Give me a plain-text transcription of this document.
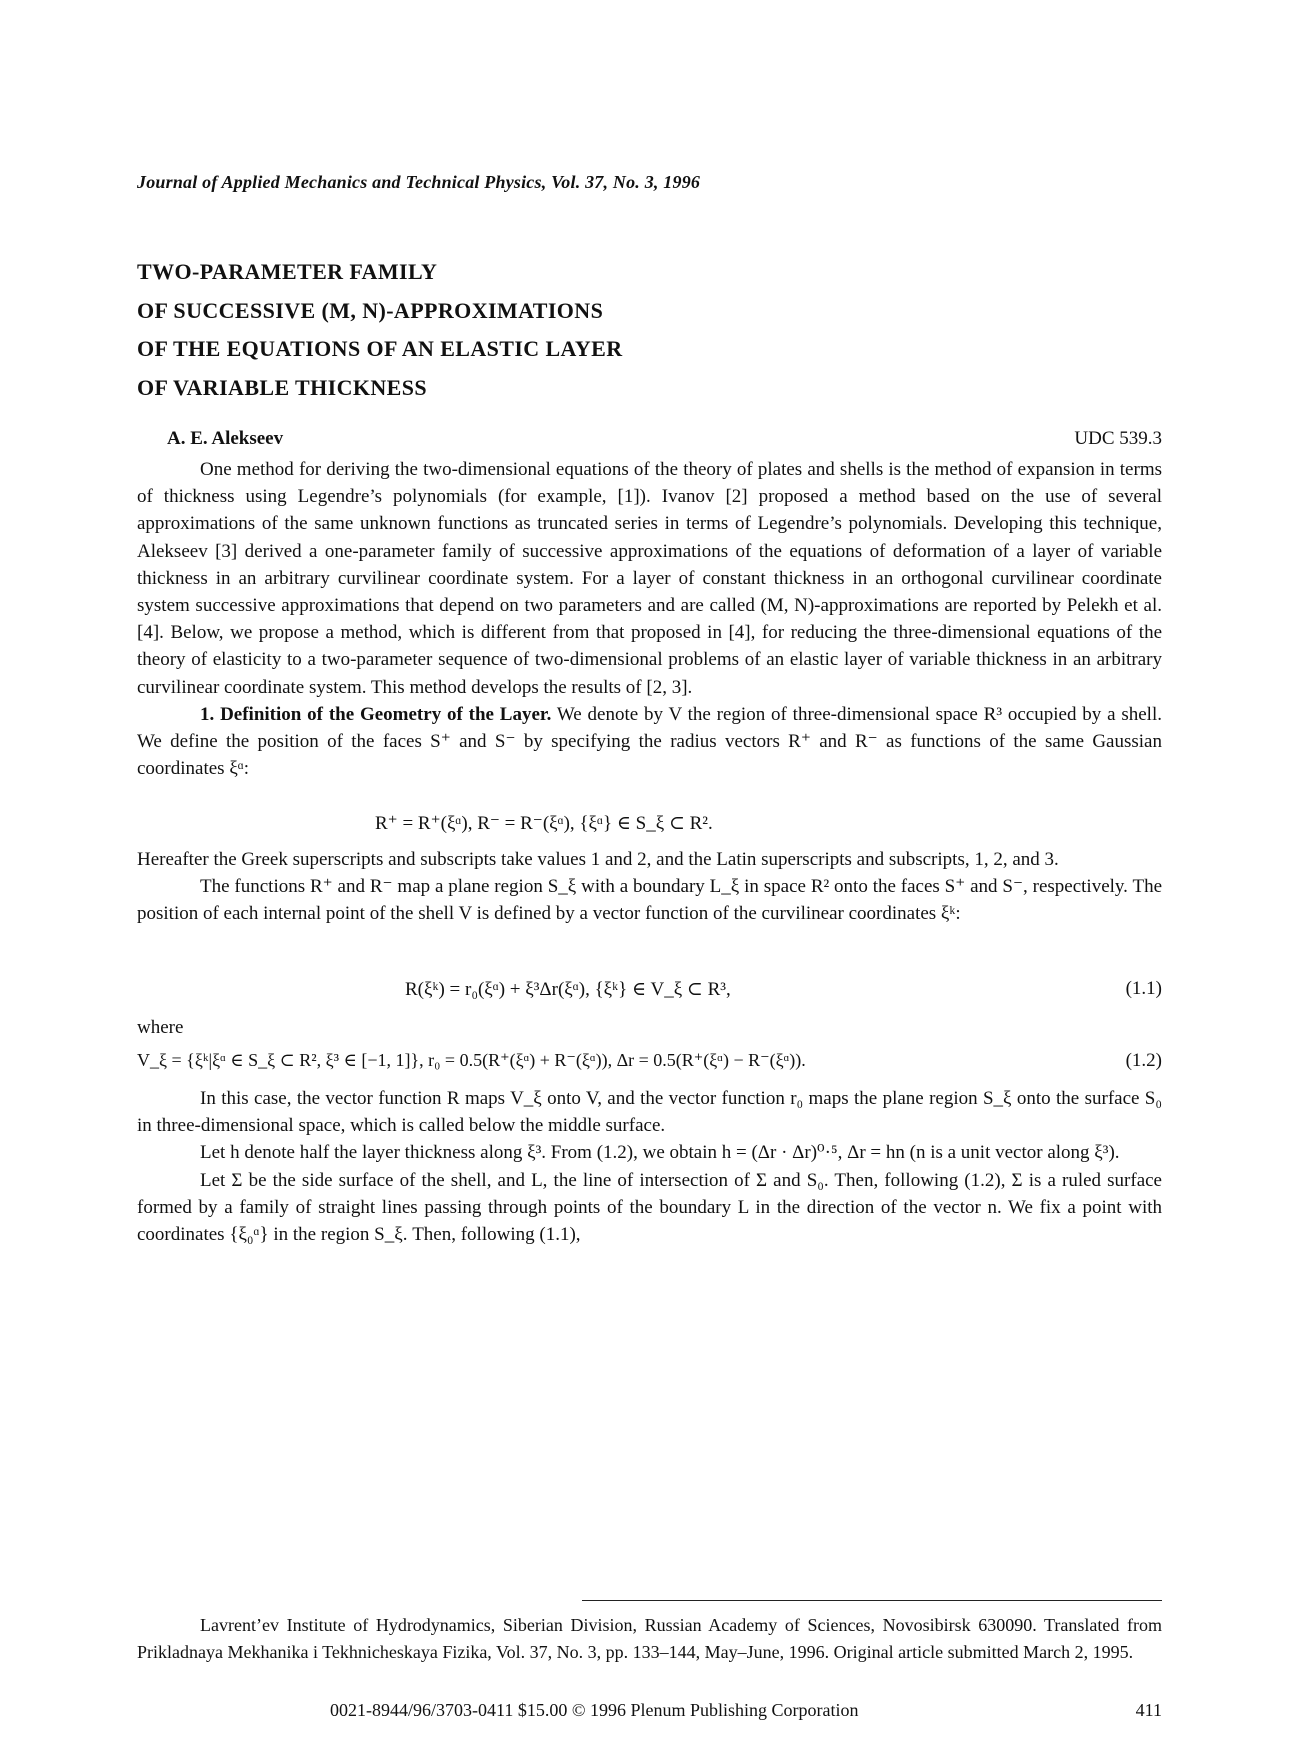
Journal of Applied Mechanics and Technical Physics, Vol. 37, No. 3, 1996
TWO-PARAMETER FAMILY
OF SUCCESSIVE (M, N)-APPROXIMATIONS
OF THE EQUATIONS OF AN ELASTIC LAYER
OF VARIABLE THICKNESS
A. E. Alekseev	UDC 539.3

One method for deriving the two-dimensional equations of the theory of plates and shells is the method of expansion in terms of thickness using Legendre’s polynomials (for example, [1]). Ivanov [2] proposed a method based on the use of several approximations of the same unknown functions as truncated series in terms of Legendre’s polynomials. Developing this technique, Alekseev [3] derived a one-parameter family of successive approximations of the equations of deformation of a layer of variable thickness in an arbitrary curvilinear coordinate system. For a layer of constant thickness in an orthogonal curvilinear coordinate system successive approximations that depend on two parameters and are called (M, N)-approximations are reported by Pelekh et al. [4]. Below, we propose a method, which is different from that proposed in [4], for reducing the three-dimensional equations of the theory of elasticity to a two-parameter sequence of two-dimensional problems of an elastic layer of variable thickness in an arbitrary curvilinear coordinate system. This method develops the results of [2, 3].

1. Definition of the Geometry of the Layer. We denote by V the region of three-dimensional space R³ occupied by a shell. We define the position of the faces S⁺ and S⁻ by specifying the radius vectors R⁺ and R⁻ as functions of the same Gaussian coordinates ξᵅ:

R⁺ = R⁺(ξᵅ), R⁻ = R⁻(ξᵅ), {ξᵅ} ∈ S_ξ ⊂ R².

Hereafter the Greek superscripts and subscripts take values 1 and 2, and the Latin superscripts and subscripts, 1, 2, and 3.

The functions R⁺ and R⁻ map a plane region S_ξ with a boundary L_ξ in space R² onto the faces S⁺ and S⁻, respectively. The position of each internal point of the shell V is defined by a vector function of the curvilinear coordinates ξᵏ:

R(ξᵏ) = r₀(ξᵅ) + ξ³Δr(ξᵅ), {ξᵏ} ∈ V_ξ ⊂ R³,	(1.1)

where

V_ξ = {ξᵏ|ξᵅ ∈ S_ξ ⊂ R², ξ³ ∈ [−1, 1]}, r₀ = 0.5(R⁺(ξᵅ) + R⁻(ξᵅ)), Δr = 0.5(R⁺(ξᵅ) − R⁻(ξᵅ)).	(1.2)

In this case, the vector function R maps V_ξ onto V, and the vector function r₀ maps the plane region S_ξ onto the surface S₀ in three-dimensional space, which is called below the middle surface.

Let h denote half the layer thickness along ξ³. From (1.2), we obtain h = (Δr · Δr)⁰·⁵, Δr = hn (n is a unit vector along ξ³).

Let Σ be the side surface of the shell, and L, the line of intersection of Σ and S₀. Then, following (1.2), Σ is a ruled surface formed by a family of straight lines passing through points of the boundary L in the direction of the vector n. We fix a point with coordinates {ξ₀ᵅ} in the region S_ξ. Then, following (1.1),

Lavrent’ev Institute of Hydrodynamics, Siberian Division, Russian Academy of Sciences, Novosibirsk 630090. Translated from Prikladnaya Mekhanika i Tekhnicheskaya Fizika, Vol. 37, No. 3, pp. 133–144, May–June, 1996. Original article submitted March 2, 1995.

0021-8944/96/3703-0411 $15.00 © 1996 Plenum Publishing Corporation	411
